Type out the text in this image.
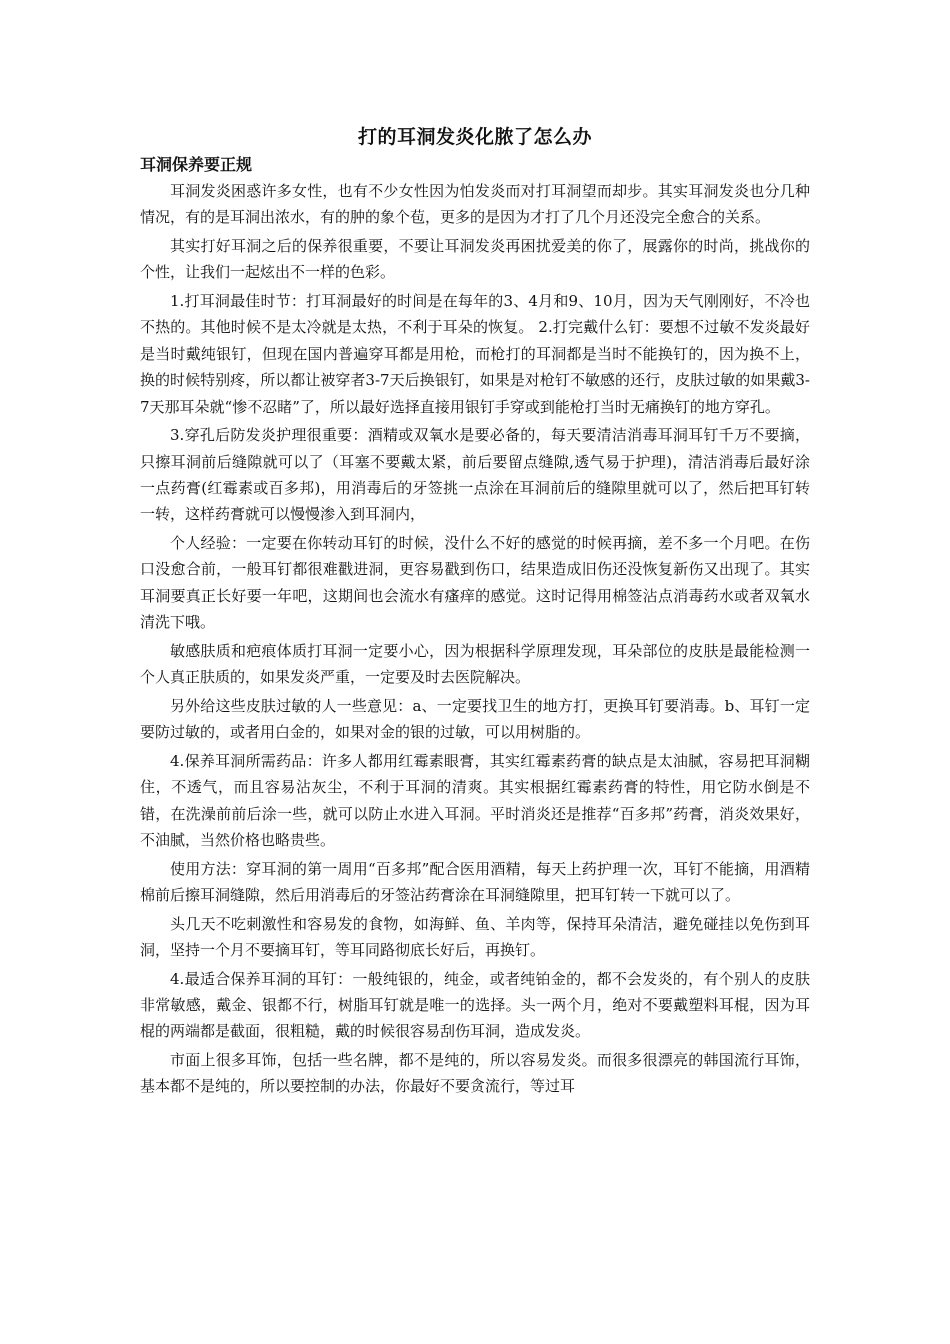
打的耳洞发炎化脓了怎么办
耳洞保养要正规

耳洞发炎困惑许多女性，也有不少女性因为怕发炎而对打耳洞望而却步。其实耳洞发炎也分几种情况，有的是耳洞出浓水，有的肿的象个苞，更多的是因为才打了几个月还没完全愈合的关系。

其实打好耳洞之后的保养很重要，不要让耳洞发炎再困扰爱美的你了，展露你的时尚，挑战你的个性，让我们一起炫出不一样的色彩。

1.打耳洞最佳时节：打耳洞最好的时间是在每年的3、4月和9、10月，因为天气刚刚好，不冷也不热的。其他时候不是太冷就是太热，不利于耳朵的恢复。 2.打完戴什么钉：要想不过敏不发炎最好是当时戴纯银钉，但现在国内普遍穿耳都是用枪，而枪打的耳洞都是当时不能换钉的，因为换不上，换的时候特别疼，所以都让被穿者3-7天后换银钉，如果是对枪钉不敏感的还行，皮肤过敏的如果戴3-7天那耳朵就“惨不忍睹”了，所以最好选择直接用银钉手穿或到能枪打当时无痛换钉的地方穿孔。

3.穿孔后防发炎护理很重要：酒精或双氧水是要必备的，每天要清洁消毒耳洞耳钉千万不要摘，只擦耳洞前后缝隙就可以了（耳塞不要戴太紧，前后要留点缝隙,透气易于护理)，清洁消毒后最好涂一点药膏(红霉素或百多邦)，用消毒后的牙签挑一点涂在耳洞前后的缝隙里就可以了，然后把耳钉转一转，这样药膏就可以慢慢渗入到耳洞内，

个人经验：一定要在你转动耳钉的时候，没什么不好的感觉的时候再摘，差不多一个月吧。在伤口没愈合前，一般耳钉都很难戳进洞，更容易戳到伤口，结果造成旧伤还没恢复新伤又出现了。其实耳洞要真正长好要一年吧，这期间也会流水有瘙痒的感觉。这时记得用棉签沾点消毒药水或者双氧水清洗下哦。

敏感肤质和疤痕体质打耳洞一定要小心，因为根据科学原理发现，耳朵部位的皮肤是最能检测一个人真正肤质的，如果发炎严重，一定要及时去医院解决。

另外给这些皮肤过敏的人一些意见：a、一定要找卫生的地方打，更换耳钉要消毒。b、耳钉一定要防过敏的，或者用白金的，如果对金的银的过敏，可以用树脂的。

4.保养耳洞所需药品：许多人都用红霉素眼膏，其实红霉素药膏的缺点是太油腻，容易把耳洞糊住，不透气，而且容易沾灰尘，不利于耳洞的清爽。其实根据红霉素药膏的特性，用它防水倒是不错，在洗澡前前后涂一些，就可以防止水进入耳洞。平时消炎还是推荐“百多邦”药膏，消炎效果好，不油腻，当然价格也略贵些。

使用方法：穿耳洞的第一周用“百多邦”配合医用酒精，每天上药护理一次，耳钉不能摘，用酒精棉前后擦耳洞缝隙，然后用消毒后的牙签沾药膏涂在耳洞缝隙里，把耳钉转一下就可以了。

头几天不吃刺激性和容易发的食物，如海鲜、鱼、羊肉等，保持耳朵清洁，避免碰挂以免伤到耳洞，坚持一个月不要摘耳钉，等耳同路彻底长好后，再换钉。

4.最适合保养耳洞的耳钉：一般纯银的，纯金，或者纯铂金的，都不会发炎的，有个别人的皮肤非常敏感，戴金、银都不行，树脂耳钉就是唯一的选择。头一两个月，绝对不要戴塑料耳棍，因为耳棍的两端都是截面，很粗糙，戴的时候很容易刮伤耳洞，造成发炎。

市面上很多耳饰，包括一些名牌，都不是纯的，所以容易发炎。而很多很漂亮的韩国流行耳饰，基本都不是纯的，所以要控制的办法，你最好不要贪流行，等过耳
